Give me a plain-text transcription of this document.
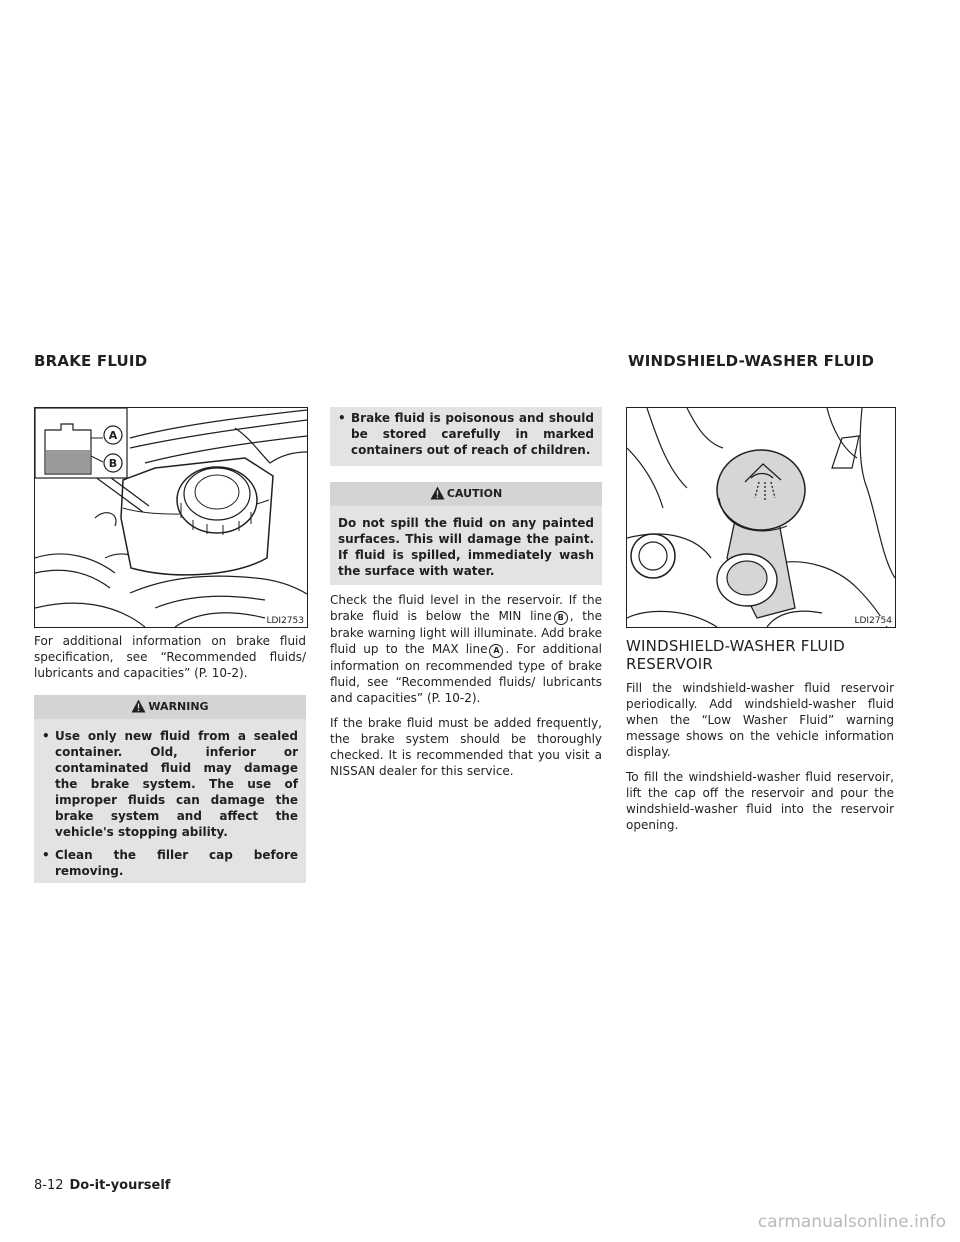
BRAKE FLUID	WINDSHIELD-WASHER FLUID
A
B
LDI2753

For additional information on brake fluid specification, see “Recommended fluids/ lubricants and capacities” (P. 10-2).

WARNING
• Use only new fluid from a sealed container. Old, inferior or contaminated fluid may damage the brake system. The use of improper fluids can damage the brake system and affect the vehicle's stopping ability.
• Clean the filler cap before removing.
• Brake fluid is poisonous and should be stored carefully in marked containers out of reach of children.
CAUTION
Do not spill the fluid on any painted surfaces. This will damage the paint. If fluid is spilled, immediately wash the surface with water.

Check the fluid level in the reservoir. If the brake fluid is below the MIN line B , the brake warning light will illuminate. Add brake fluid up to the MAX line A . For additional information on recommended type of brake fluid, see “Recommended fluids/ lubricants and capacities” (P. 10-2).

If the brake fluid must be added frequently, the brake system should be thoroughly checked. It is recommended that you visit a NISSAN dealer for this service.

LDI2754
WINDSHIELD-WASHER FLUID RESERVOIR

Fill the windshield-washer fluid reservoir periodically. Add windshield-washer fluid when the “Low Washer Fluid” warning message shows on the vehicle information display.

To fill the windshield-washer fluid reservoir, lift the cap off the reservoir and pour the windshield-washer fluid into the reservoir opening.

8-12 Do-it-yourself
carmanualsonline.info
